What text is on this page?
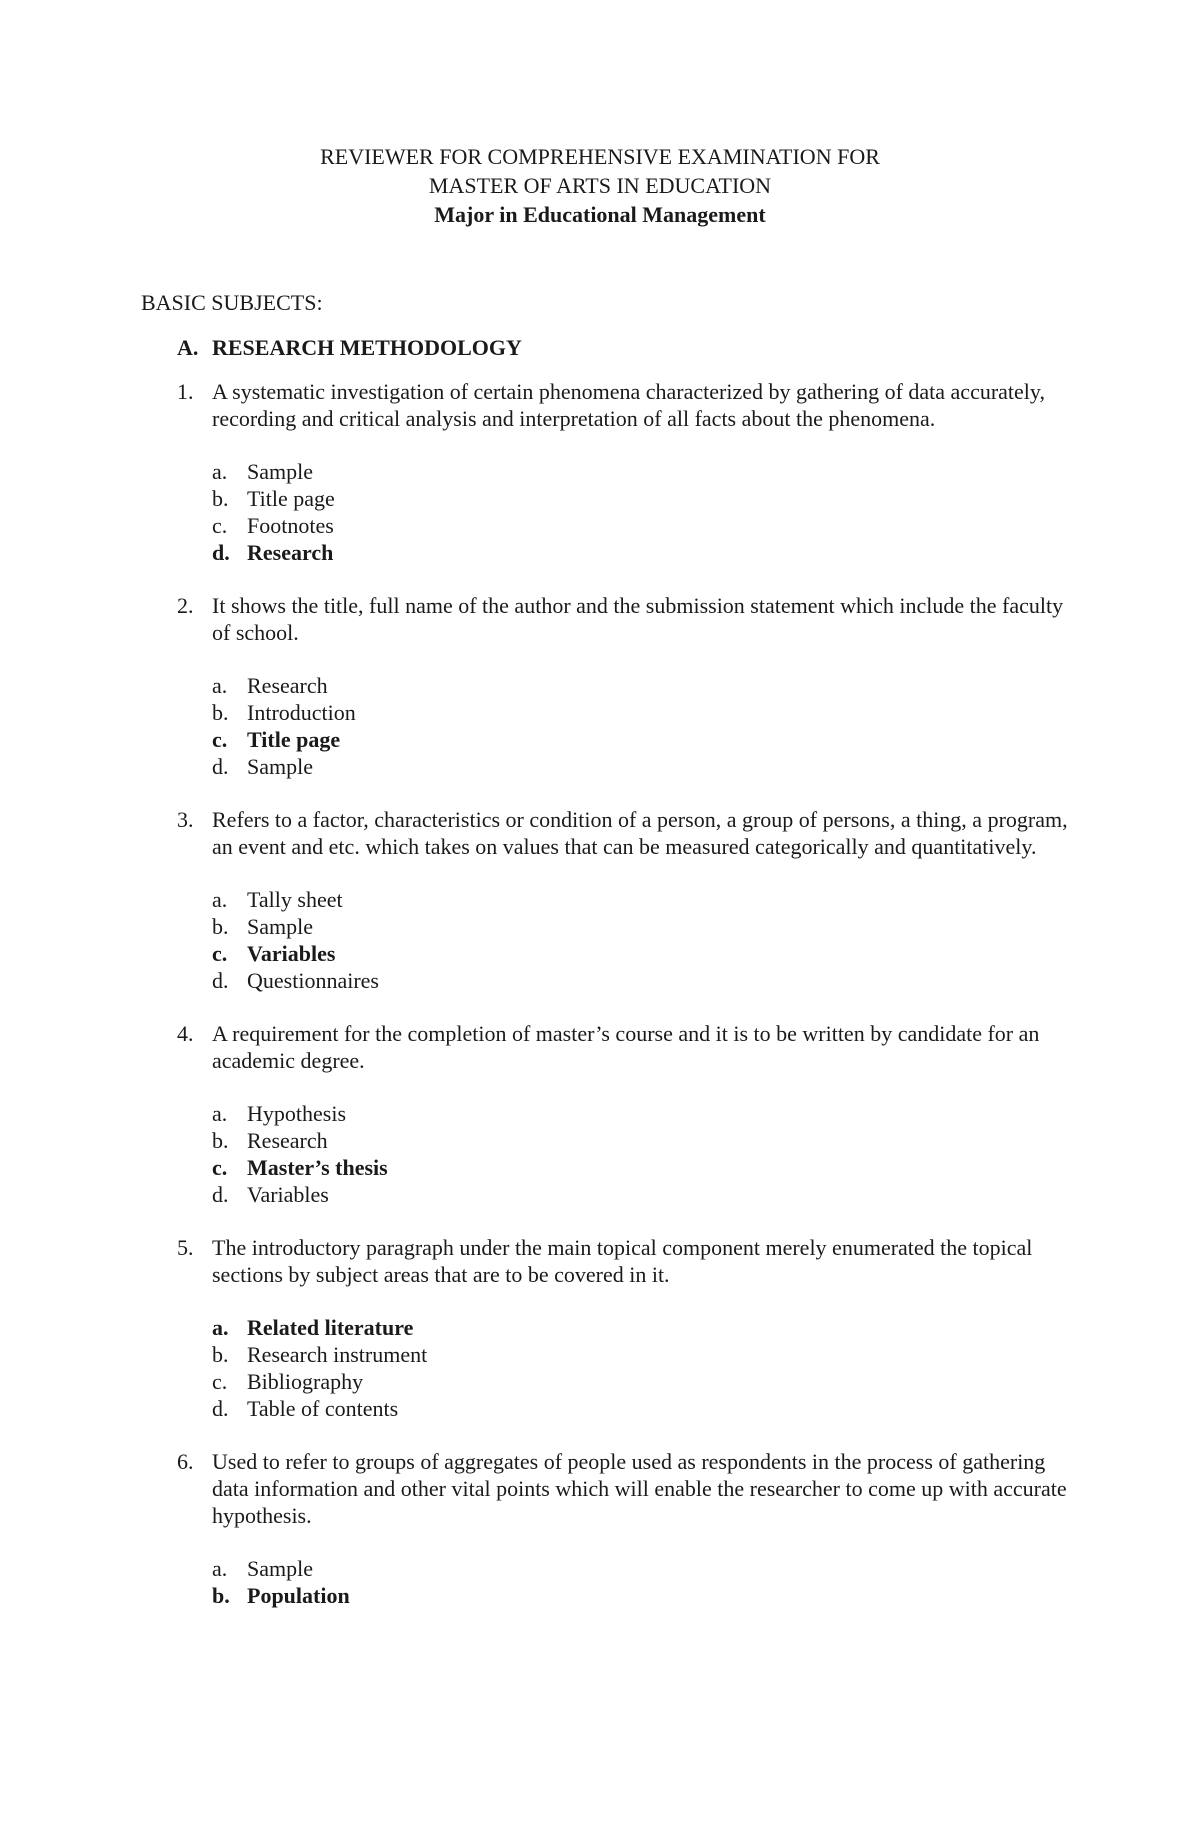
REVIEWER FOR COMPREHENSIVE EXAMINATION FOR
MASTER OF ARTS IN EDUCATION
Major in Educational Management
BASIC SUBJECTS:
A. RESEARCH METHODOLOGY
1. A systematic investigation of certain phenomena characterized by gathering of data accurately, recording and critical analysis and interpretation of all facts about the phenomena.

a. Sample
b. Title page
c. Footnotes
d. Research
2. It shows the title, full name of the author and the submission statement which include the faculty of school.

a. Research
b. Introduction
c. Title page
d. Sample
3. Refers to a factor, characteristics or condition of a person, a group of persons, a thing, a program, an event and etc. which takes on values that can be measured categorically and quantitatively.

a. Tally sheet
b. Sample
c. Variables
d. Questionnaires
4. A requirement for the completion of master’s course and it is to be written by candidate for an academic degree.

a. Hypothesis
b. Research
c. Master’s thesis
d. Variables
5. The introductory paragraph under the main topical component merely enumerated the topical sections by subject areas that are to be covered in it.

a. Related literature
b. Research instrument
c. Bibliography
d. Table of contents
6. Used to refer to groups of aggregates of people used as respondents in the process of gathering data information and other vital points which will enable the researcher to come up with accurate hypothesis.

a. Sample
b. Population
